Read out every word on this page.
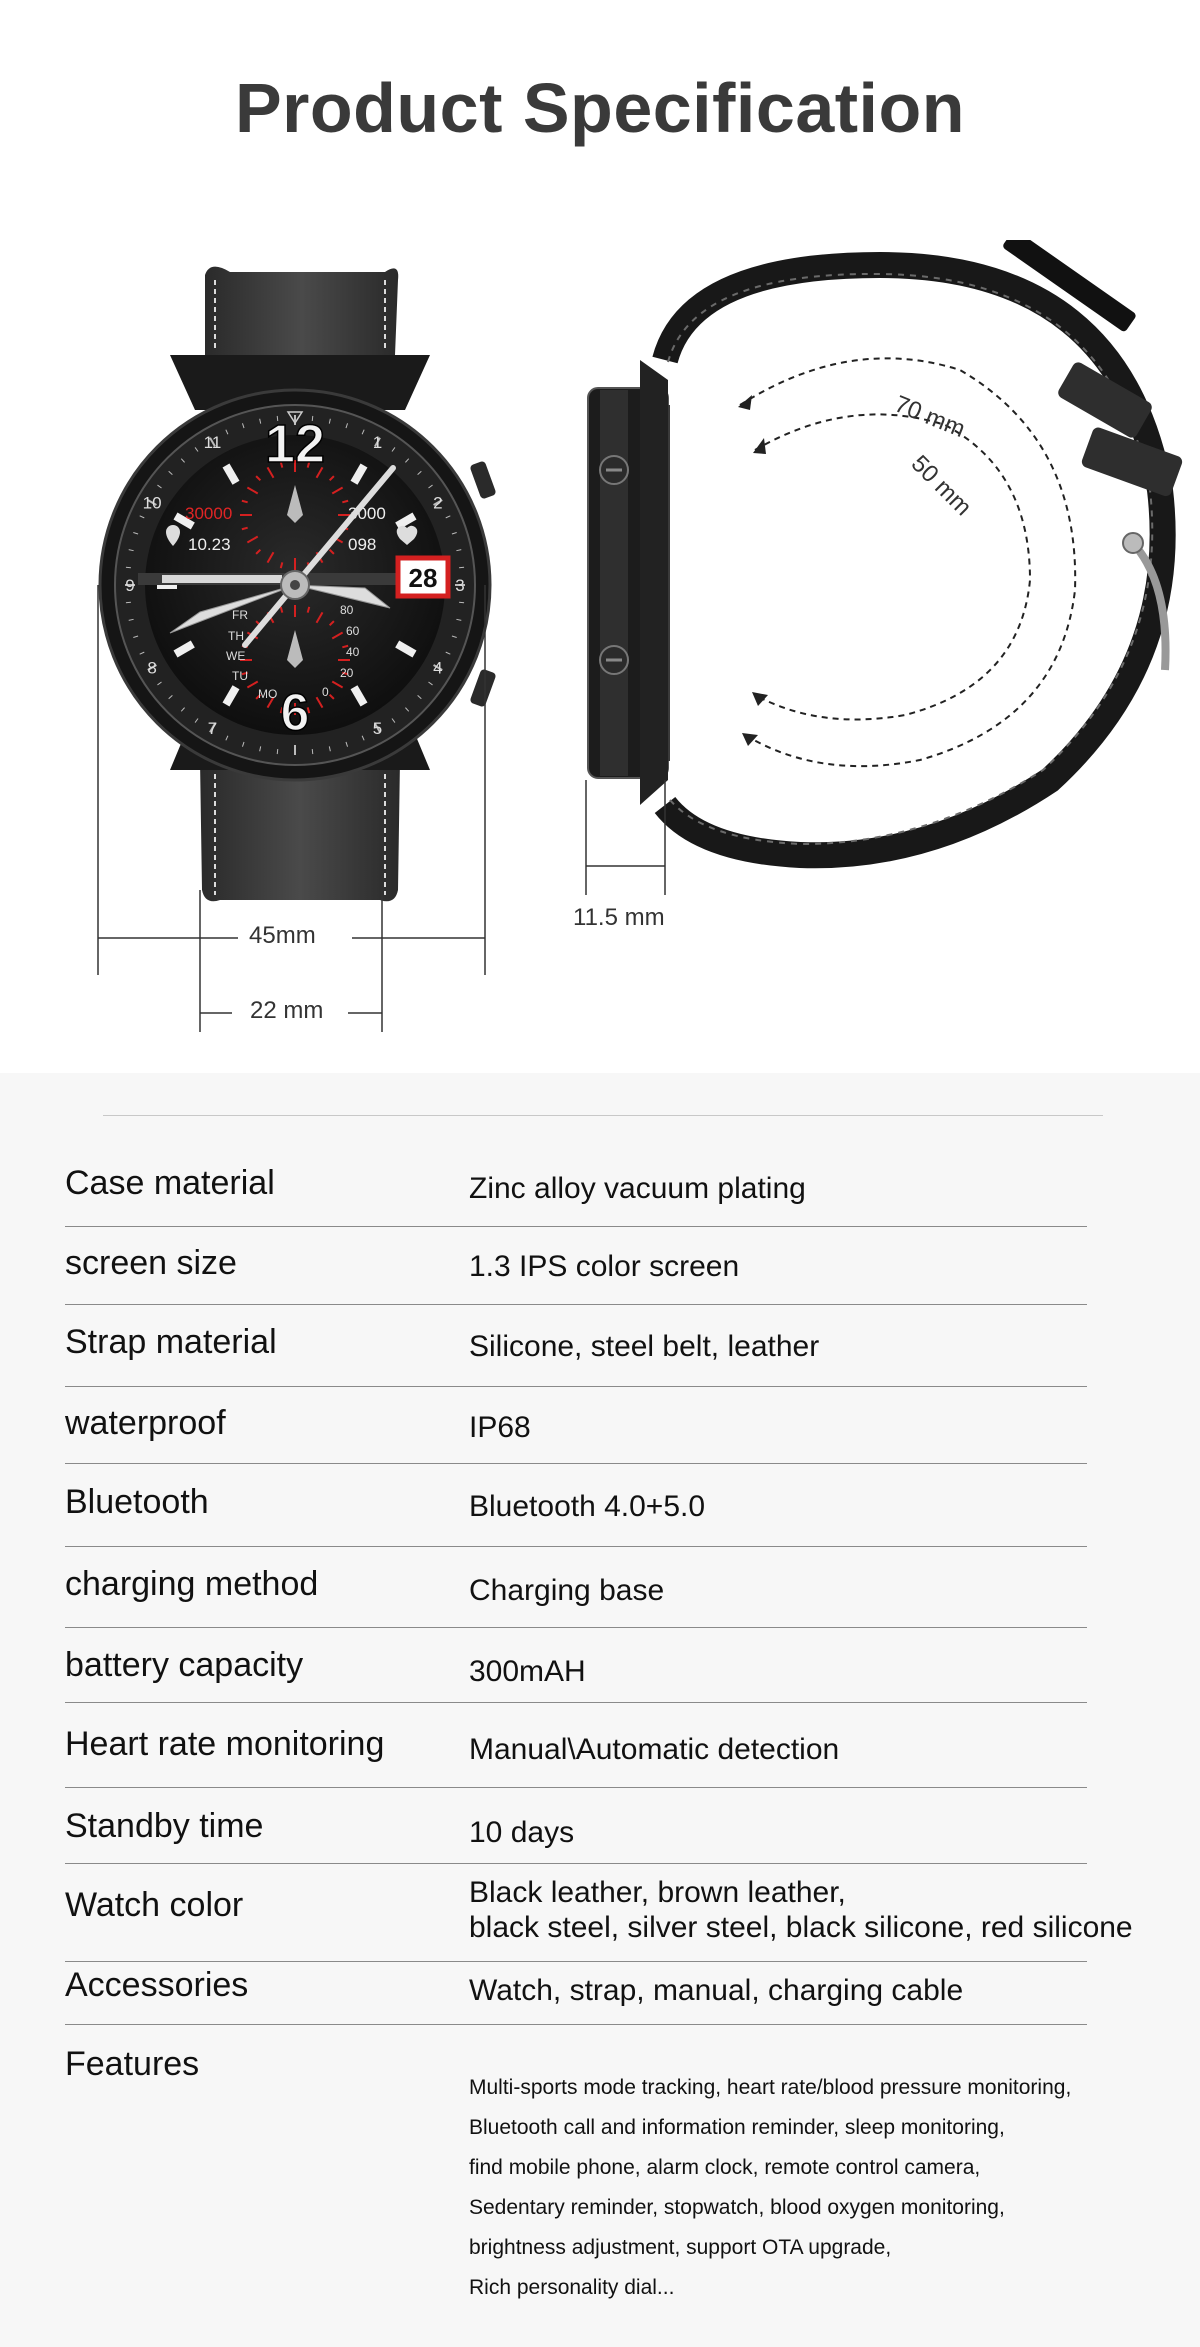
Product Specification
11
10
9
8
7	5
4
3
2
1
12
6
30000	3000
10.23	098
28
FR
TH
WE
TU
MO
80
60
40
20
0
70 mm
50 mm
45mm
22 mm
11.5 mm
Case material	Zinc alloy vacuum plating
screen size	1.3 IPS color screen
Strap material	Silicone, steel belt, leather
waterproof	IP68
Bluetooth	Bluetooth 4.0+5.0
charging method	Charging base
battery capacity	300mAH
Heart rate monitoring	Manual\Automatic detection
Standby time	10 days
Watch color	Black leather, brown leather,
black steel, silver steel, black silicone, red silicone
Accessories	Watch, strap, manual, charging cable
Features
Multi-sports mode tracking, heart rate/blood pressure monitoring,
Bluetooth call and information reminder, sleep monitoring,
find mobile phone, alarm clock, remote control camera,
Sedentary reminder, stopwatch, blood oxygen monitoring,
brightness adjustment, support OTA upgrade,
Rich personality dial...
